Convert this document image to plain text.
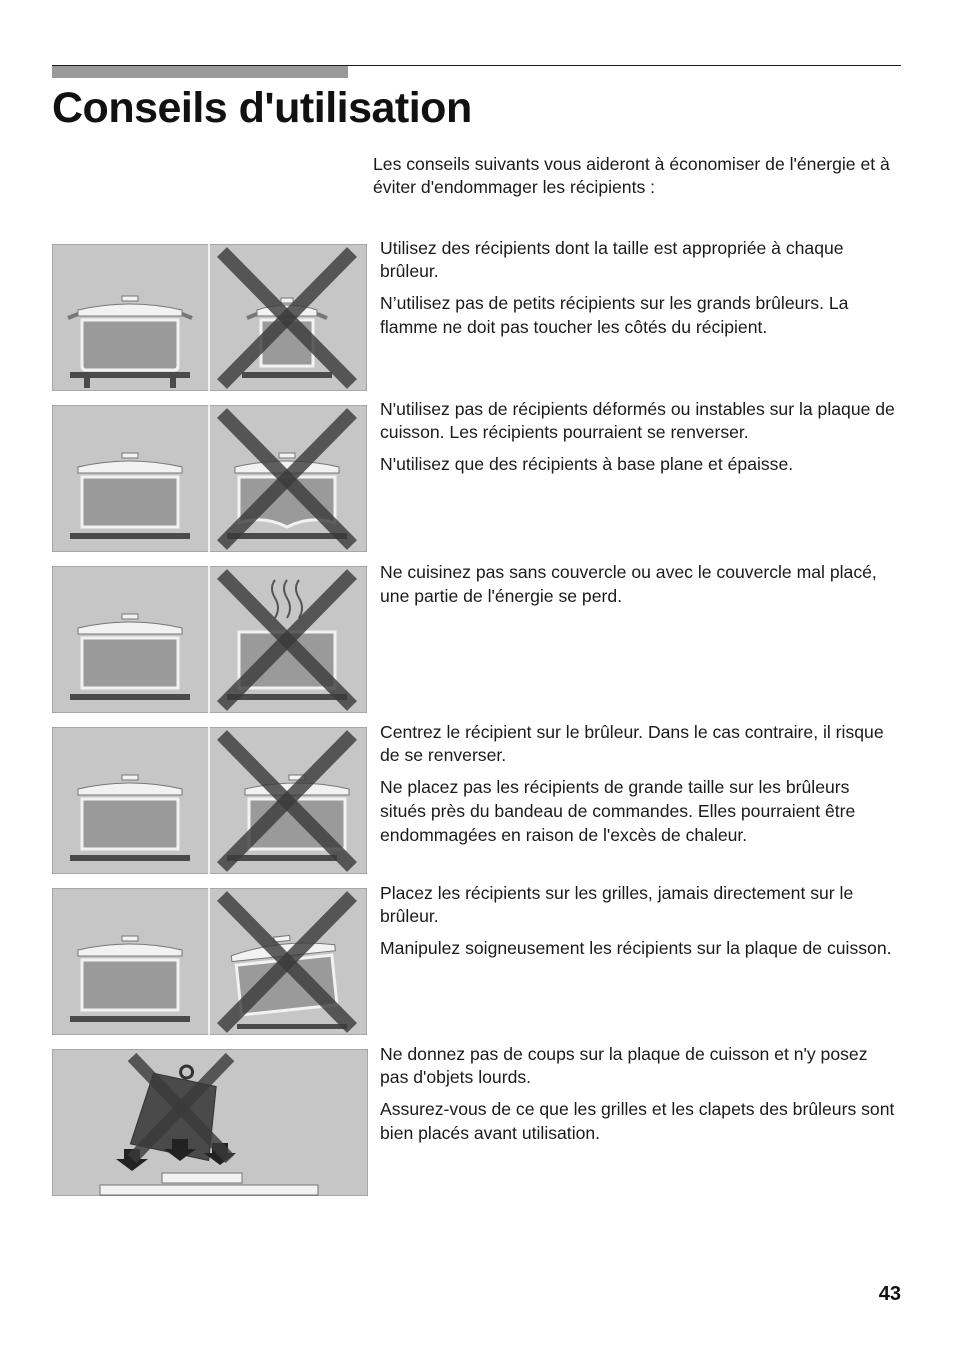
Conseils d'utilisation

Les conseils suivants vous aideront à économiser de l'énergie et à éviter d'endommager les récipients :

Utilisez des récipients dont la taille est appropriée à chaque brûleur.

N’utilisez pas de petits récipients sur les grands brûleurs. La flamme ne doit pas toucher les côtés du récipient.

N'utilisez pas de récipients déformés ou instables sur la plaque de cuisson. Les récipients pourraient se renverser.

N'utilisez que des récipients à base plane et épaisse.

Ne cuisinez pas sans couvercle ou avec le couvercle mal placé, une partie de l'énergie se perd.

Centrez le récipient sur le brûleur. Dans le cas contraire, il risque de se renverser.

Ne placez pas les récipients de grande taille sur les brûleurs situés près du bandeau de commandes. Elles pourraient être endommagées en raison de l'excès de chaleur.

Placez les récipients sur les grilles, jamais directement sur le brûleur.

Manipulez soigneusement les récipients sur la plaque de cuisson.

Ne donnez pas de coups sur la plaque de cuisson et n'y posez pas d'objets lourds.

Assurez-vous de ce que les grilles et les clapets des brûleurs sont bien placés avant utilisation.

43
